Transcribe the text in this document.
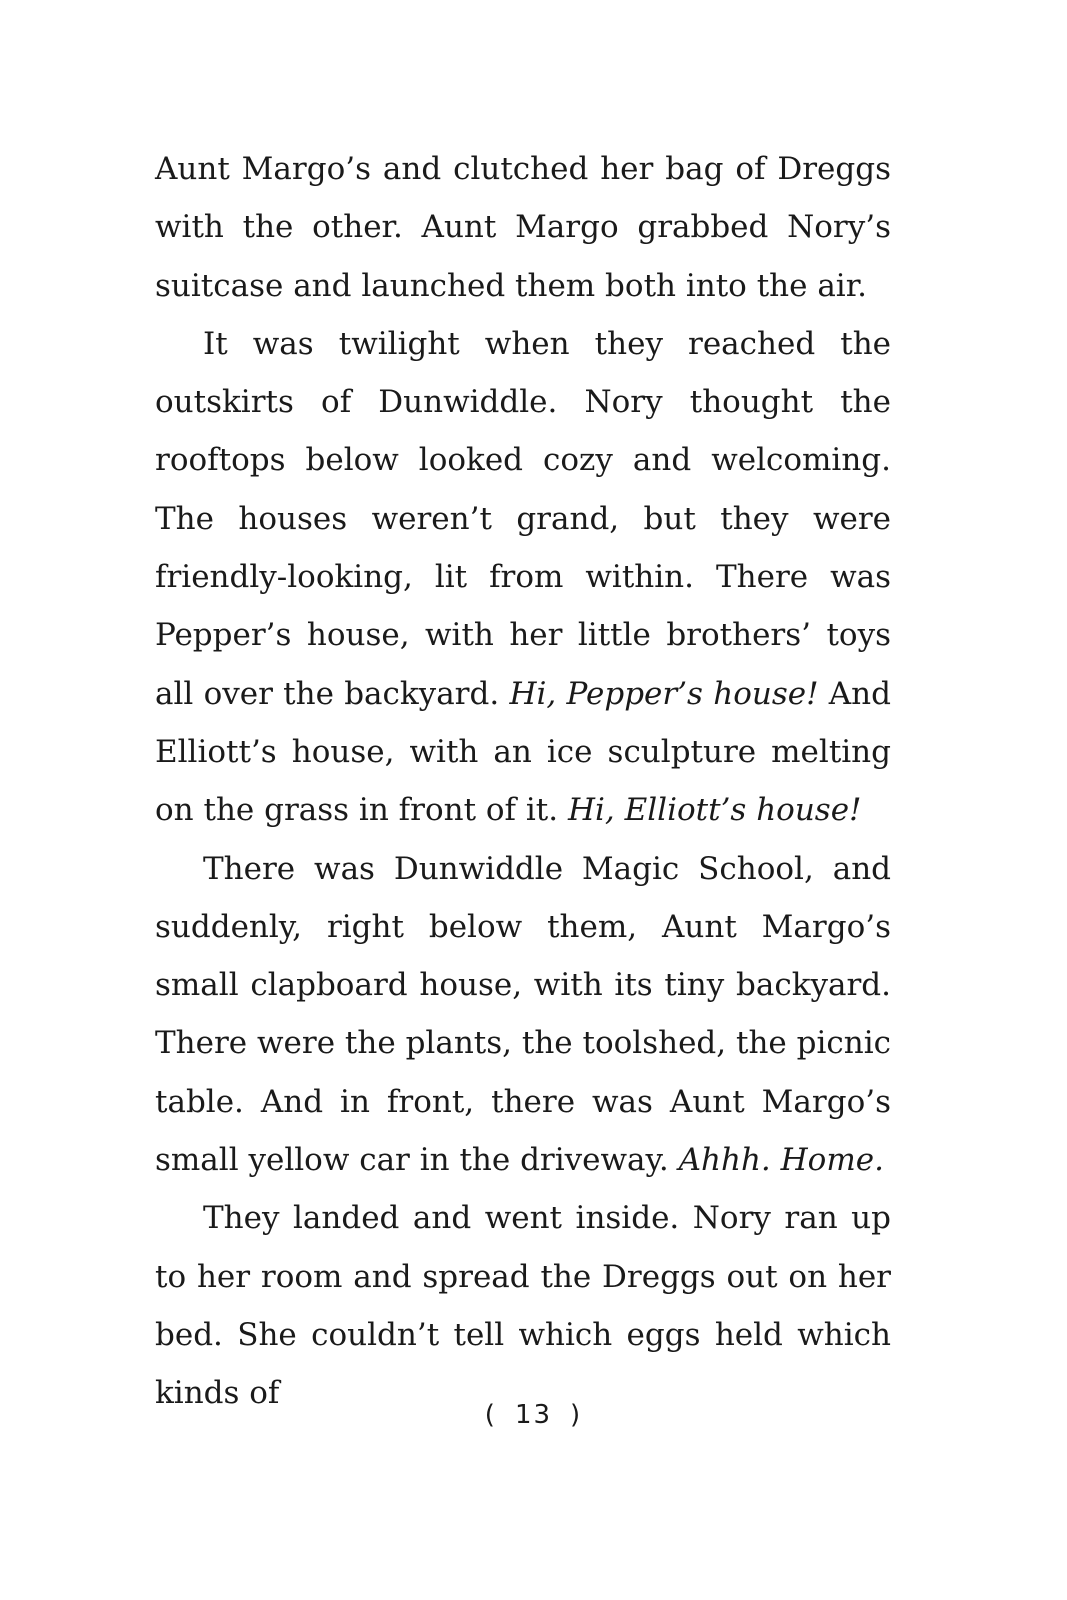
Aunt Margo’s and clutched her bag of Dreggs with the other. Aunt Margo grabbed Nory’s suitcase and launched them both into the air.

It was twilight when they reached the outskirts of Dunwiddle. Nory thought the rooftops below looked cozy and welcoming. The houses weren’t grand, but they were friendly-looking, lit from within. There was Pepper’s house, with her little brothers’ toys all over the backyard. Hi, Pepper’s house! And Elliott’s house, with an ice sculpture melting on the grass in front of it. Hi, Elliott’s house!

There was Dunwiddle Magic School, and suddenly, right below them, Aunt Margo’s small clapboard house, with its tiny backyard. There were the plants, the toolshed, the picnic table. And in front, there was Aunt Margo’s small yellow car in the driveway. Ahhh. Home.

They landed and went inside. Nory ran up to her room and spread the Dreggs out on her bed. She couldn’t tell which eggs held which kinds of

( 13 )
